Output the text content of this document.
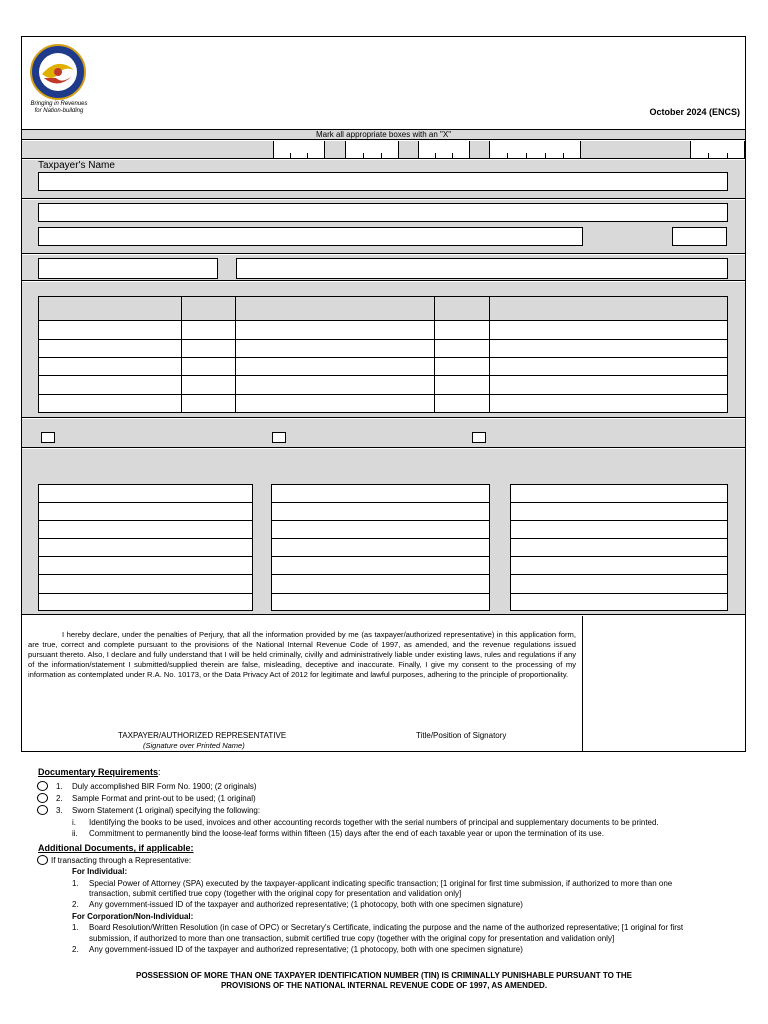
Bringing in Revenues
for Nation-building	October 2024 (ENCS)
Mark all appropriate boxes with an "X"
Taxpayer's Name
I hereby declare, under the penalties of Perjury, that all the information provided by me (as taxpayer/authorized representative) in this application form, are true, correct and complete pursuant to the provisions of the National Internal Revenue Code of 1997, as amended, and the revenue regulations issued pursuant thereto. Also, I declare and fully understand that I will be held criminally, civilly and administratively liable under existing laws, rules and regulations if any of the information/statement I submitted/supplied therein are false, misleading, deceptive and inaccurate. Finally, I give my consent to the processing of my information as contemplated under R.A. No. 10173, or the Data Privacy Act of 2012 for legitimate and lawful purposes, adhering to the principle of proportionality.
TAXPAYER/AUTHORIZED REPRESENTATIVE
(Signature over Printed Name)
Title/Position of Signatory
Documentary Requirements:
1. Duly accomplished BIR Form No. 1900; (2 originals)
2. Sample Format and print-out to be used; (1 original)
3. Sworn Statement (1 original) specifying the following:
i. Identifying the books to be used, invoices and other accounting records together with the serial numbers of principal and supplementary documents to be printed.
ii. Commitment to permanently bind the loose-leaf forms within fifteen (15) days after the end of each taxable year or upon the termination of its use.
Additional Documents, if applicable:
If transacting through a Representative:
For Individual:
1. Special Power of Attorney (SPA) executed by the taxpayer-applicant indicating specific transaction; [1 original for first time submission, if authorized to more than one
transaction, submit certified true copy (together with the original copy for presentation and validation only]
2. Any government-issued ID of the taxpayer and authorized representative; (1 photocopy, both with one specimen signature)
For Corporation/Non-Individual:
1. Board Resolution/Written Resolution (in case of OPC) or Secretary's Certificate, indicating the purpose and the name of the authorized representative; [1 original for first
submission, if authorized to more than one transaction, submit certified true copy (together with the original copy for presentation and validation only]
2. Any government-issued ID of the taxpayer and authorized representative; (1 photocopy, both with one specimen signature)
POSSESSION OF MORE THAN ONE TAXPAYER IDENTIFICATION NUMBER (TIN) IS CRIMINALLY PUNISHABLE PURSUANT TO THE
PROVISIONS OF THE NATIONAL INTERNAL REVENUE CODE OF 1997, AS AMENDED.
